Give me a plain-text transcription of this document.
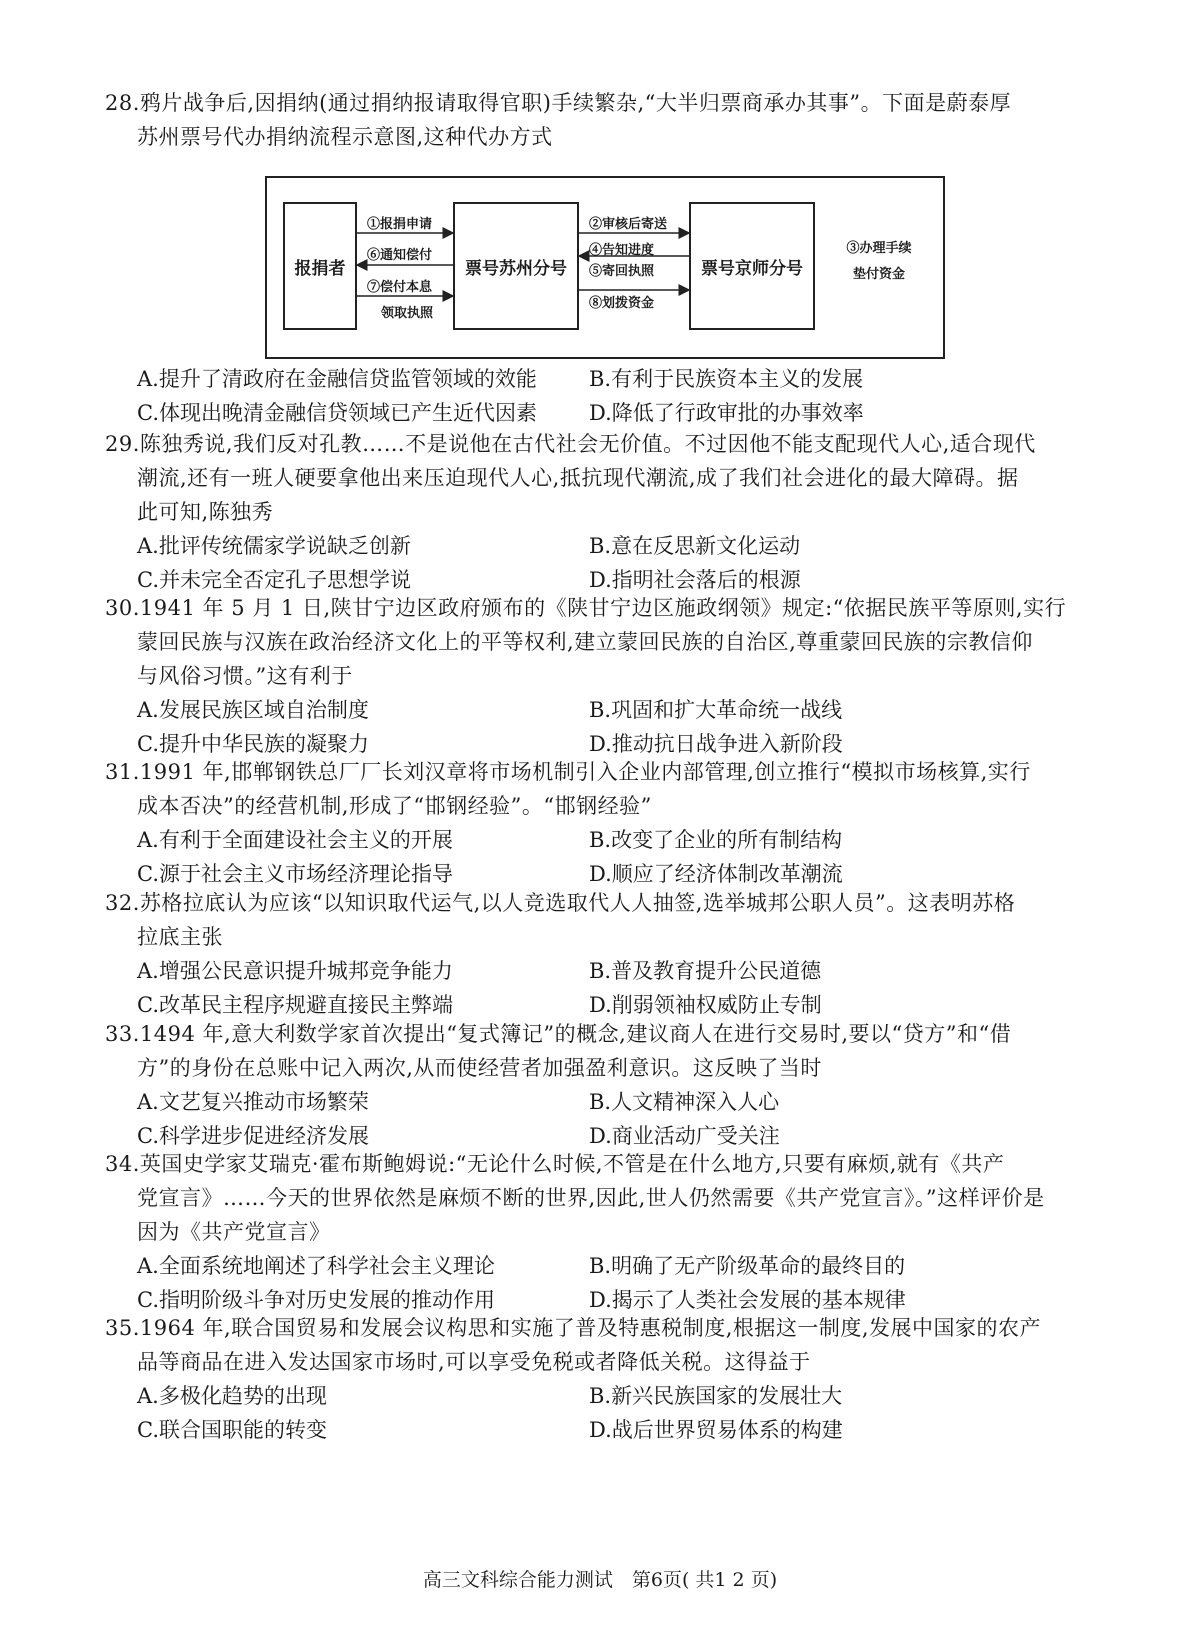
28.鸦片战争后,因捐纳(通过捐纳报请取得官职)手续繁杂,“大半归票商承办其事”。下面是蔚泰厚

苏州票号代办捐纳流程示意图,这种代办方式

报捐者	票号苏州分号	票号京师分号
①报捐申请
⑥通知偿付
⑦偿付本息
领取执照
②审核后寄送
④告知进度
⑤寄回执照
⑧划拨资金
③办理手续
垫付资金
A.提升了清政府在金融信贷监管领域的效能	B.有利于民族资本主义的发展
C.体现出晚清金融信贷领域已产生近代因素	D.降低了行政审批的办事效率

29.陈独秀说,我们反对孔教……不是说他在古代社会无价值。不过因他不能支配现代人心,适合现代

潮流,还有一班人硬要拿他出来压迫现代人心,抵抗现代潮流,成了我们社会进化的最大障碍。据
此可知,陈独秀

A.批评传统儒家学说缺乏创新	B.意在反思新文化运动
C.并未完全否定孔子思想学说	D.指明社会落后的根源

30.1941 年 5 月 1 日,陕甘宁边区政府颁布的《陕甘宁边区施政纲领》规定:“依据民族平等原则,实行

蒙回民族与汉族在政治经济文化上的平等权利,建立蒙回民族的自治区,尊重蒙回民族的宗教信仰
与风俗习惯。”这有利于

A.发展民族区域自治制度	B.巩固和扩大革命统一战线
C.提升中华民族的凝聚力	D.推动抗日战争进入新阶段

31.1991 年,邯郸钢铁总厂厂长刘汉章将市场机制引入企业内部管理,创立推行“模拟市场核算,实行

成本否决”的经营机制,形成了“邯钢经验”。“邯钢经验”

A.有利于全面建设社会主义的开展	B.改变了企业的所有制结构
C.源于社会主义市场经济理论指导	D.顺应了经济体制改革潮流

32.苏格拉底认为应该“以知识取代运气,以人竞选取代人人抽签,选举城邦公职人员”。这表明苏格

拉底主张

A.增强公民意识提升城邦竞争能力	B.普及教育提升公民道德
C.改革民主程序规避直接民主弊端	D.削弱领袖权威防止专制

33.1494 年,意大利数学家首次提出“复式簿记”的概念,建议商人在进行交易时,要以“贷方”和“借

方”的身份在总账中记入两次,从而使经营者加强盈利意识。这反映了当时

A.文艺复兴推动市场繁荣	B.人文精神深入人心
C.科学进步促进经济发展	D.商业活动广受关注

34.英国史学家艾瑞克·霍布斯鲍姆说:“无论什么时候,不管是在什么地方,只要有麻烦,就有《共产

党宣言》……今天的世界依然是麻烦不断的世界,因此,世人仍然需要《共产党宣言》。”这样评价是
因为《共产党宣言》

A.全面系统地阐述了科学社会主义理论	B.明确了无产阶级革命的最终目的
C.指明阶级斗争对历史发展的推动作用	D.揭示了人类社会发展的基本规律

35.1964 年,联合国贸易和发展会议构思和实施了普及特惠税制度,根据这一制度,发展中国家的农产

品等商品在进入发达国家市场时,可以享受免税或者降低关税。这得益于

A.多极化趋势的出现	B.新兴民族国家的发展壮大
C.联合国职能的转变	D.战后世界贸易体系的构建
高三文科综合能力测试　第6页( 共1 2 页)
